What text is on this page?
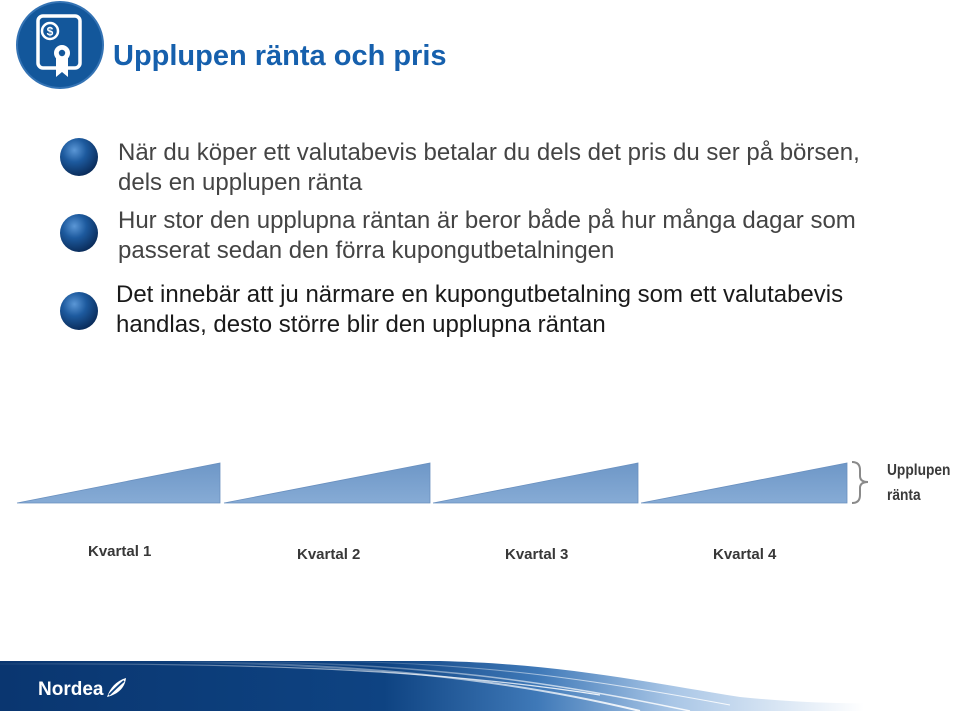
$
Upplupen ränta och pris
När du köper ett valutabevis betalar du dels det pris du ser på börsen,
dels en upplupen ränta
Hur stor den upplupna räntan är beror både på hur många dagar som
passerat sedan den förra kupongutbetalningen
Det innebär att ju närmare en kupongutbetalning som ett valutabevis
handlas, desto större blir den upplupna räntan
Upplupen
ränta
Kvartal 1	Kvartal 2	Kvartal 3	Kvartal 4
Nordea
